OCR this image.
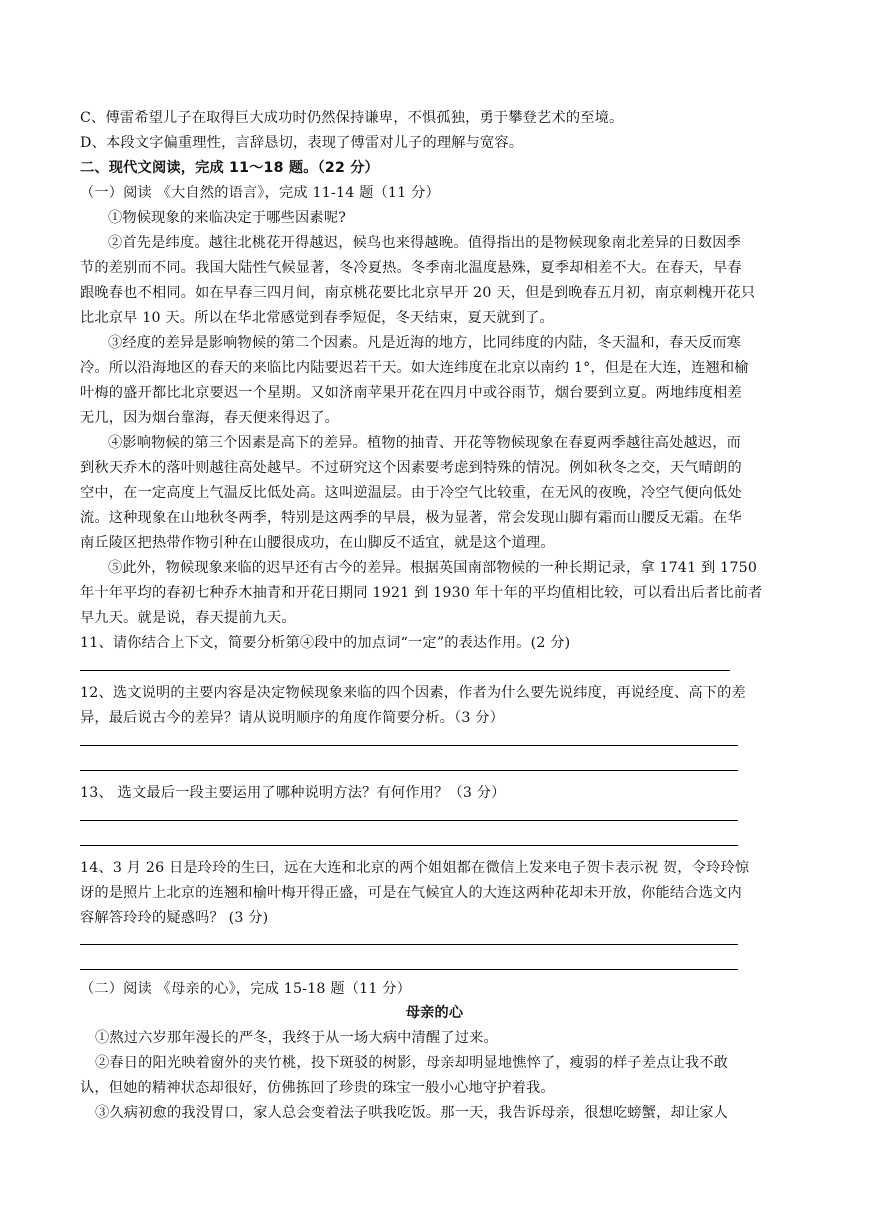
C、傅雷希望儿子在取得巨大成功时仍然保持谦卑，不惧孤独，勇于攀登艺术的至境。
D、本段文字偏重理性，言辞恳切，表现了傅雷对儿子的理解与宽容。
二、现代文阅读，完成 11～18 题。（22 分）
（一）阅读 《大自然的语言》，完成 11-14 题（11 分）
①物候现象的来临决定于哪些因素呢?
②首先是纬度。越往北桃花开得越迟，候鸟也来得越晚。值得指出的是物候现象南北差异的日数因季
节的差别而不同。我国大陆性气候显著，冬冷夏热。冬季南北温度悬殊，夏季却相差不大。在春天，早春
跟晚春也不相同。如在早春三四月间，南京桃花要比北京早开 20 天，但是到晚春五月初，南京刺槐开花只
比北京早 10 天。所以在华北常感觉到春季短促，冬天结束，夏天就到了。
③经度的差异是影响物候的第二个因素。凡是近海的地方，比同纬度的内陆，冬天温和，春天反而寒
冷。所以沿海地区的春天的来临比内陆要迟若干天。如大连纬度在北京以南约 1°，但是在大连，连翘和榆
叶梅的盛开都比北京要迟一个星期。又如济南苹果开花在四月中或谷雨节，烟台要到立夏。两地纬度相差
无几，因为烟台靠海，春天便来得迟了。
④影响物候的第三个因素是高下的差异。植物的抽青、开花等物候现象在春夏两季越往高处越迟，而
到秋天乔木的落叶则越往高处越早。不过研究这个因素要考虑到特殊的情况。例如秋冬之交，天气晴朗的
空中，在一定高度上气温反比低处高。这叫逆温层。由于冷空气比较重，在无风的夜晚，冷空气便向低处
流。这种现象在山地秋冬两季，特别是这两季的早晨，极为显著，常会发现山脚有霜而山腰反无霜。在华
南丘陵区把热带作物引种在山腰很成功，在山脚反不适宜，就是这个道理。
⑤此外，物候现象来临的迟早还有古今的差异。根据英国南部物候的一种长期记录，拿 1741 到 1750
年十年平均的春初七种乔木抽青和开花日期同 1921 到 1930 年十年的平均值相比较，可以看出后者比前者
早九天。就是说，春天提前九天。
11、请你结合上下文，简要分析第④段中的加点词“一定”的表达作用。(2 分)
12、选文说明的主要内容是决定物候现象来临的四个因素，作者为什么要先说纬度，再说经度、高下的差
异，最后说古今的差异？请从说明顺序的角度作简要分析。（3 分）
13、 选文最后一段主要运用了哪种说明方法？有何作用？（3 分）
14、3 月 26 日是玲玲的生曰，远在大连和北京的两个姐姐都在微信上发来电子贺卡表示祝 贺，令玲玲惊
讶的是照片上北京的连翘和榆叶梅开得正盛，可是在气候宜人的大连这两种花却未开放，你能结合选文内
容解答玲玲的疑惑吗？ (3 分)
（二）阅读 《母亲的心》，完成 15-18 题（11 分）
母亲的心
①熬过六岁那年漫长的严冬，我终于从一场大病中清醒了过来。
②春日的阳光映着窗外的夹竹桃，投下斑驳的树影，母亲却明显地憔悴了，瘦弱的样子差点让我不敢
认，但她的精神状态却很好，仿佛拣回了珍贵的珠宝一般小心地守护着我。
③久病初愈的我没胃口，家人总会变着法子哄我吃饭。那一天，我告诉母亲，很想吃螃蟹，却让家人
